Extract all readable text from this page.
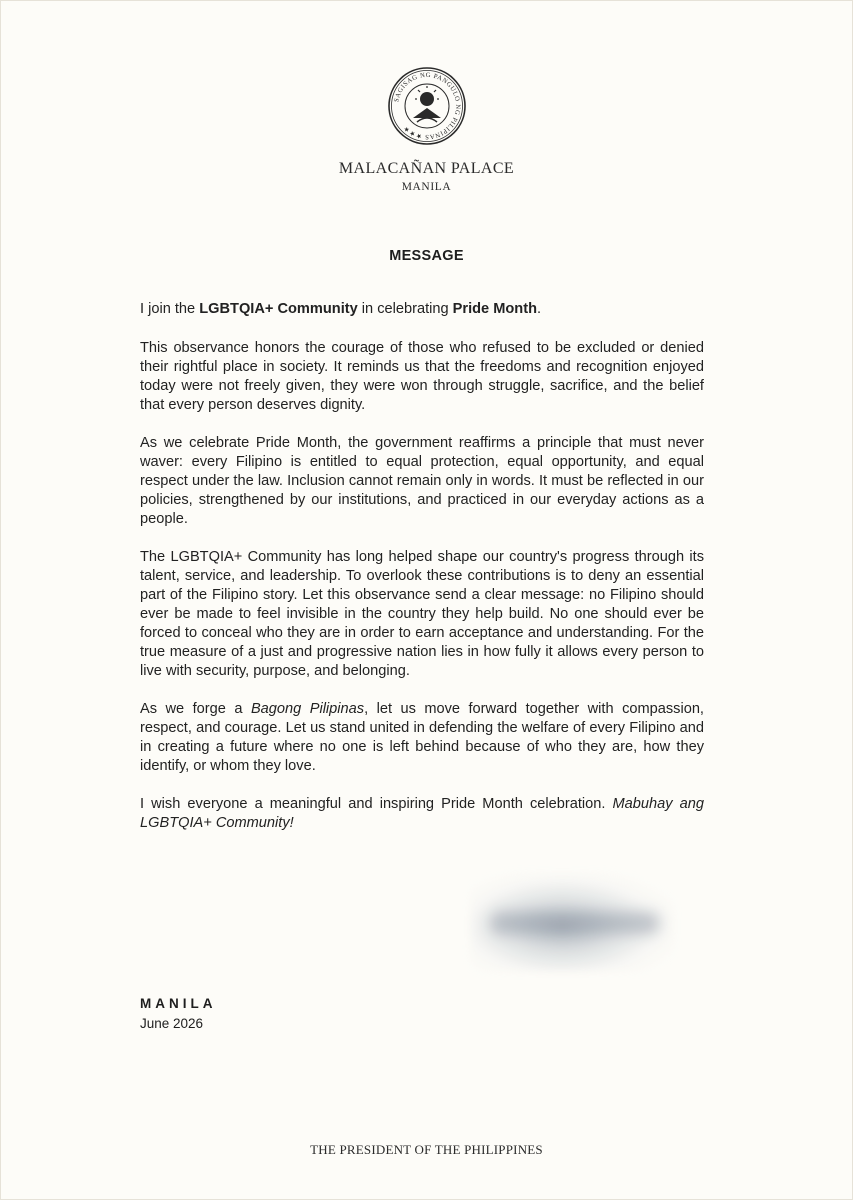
SAGISAG NG PANGULO NG PILIPINAS ★★★
MALACAÑAN PALACE
MANILA
MESSAGE

I join the LGBTQIA+ Community in celebrating Pride Month.

This observance honors the courage of those who refused to be excluded or denied their rightful place in society. It reminds us that the freedoms and recognition enjoyed today were not freely given, they were won through struggle, sacrifice, and the belief that every person deserves dignity.

As we celebrate Pride Month, the government reaffirms a principle that must never waver: every Filipino is entitled to equal protection, equal opportunity, and equal respect under the law. Inclusion cannot remain only in words. It must be reflected in our policies, strengthened by our institutions, and practiced in our everyday actions as a people.

The LGBTQIA+ Community has long helped shape our country's progress through its talent, service, and leadership. To overlook these contributions is to deny an essential part of the Filipino story. Let this observance send a clear message: no Filipino should ever be made to feel invisible in the country they help build. No one should ever be forced to conceal who they are in order to earn acceptance and understanding. For the true measure of a just and progressive nation lies in how fully it allows every person to live with security, purpose, and belonging.

As we forge a Bagong Pilipinas, let us move forward together with compassion, respect, and courage. Let us stand united in defending the welfare of every Filipino and in creating a future where no one is left behind because of who they are, how they identify, or whom they love.

I wish everyone a meaningful and inspiring Pride Month celebration. Mabuhay ang LGBTQIA+ Community!

MANILA
June 2026
THE PRESIDENT OF THE PHILIPPINES
